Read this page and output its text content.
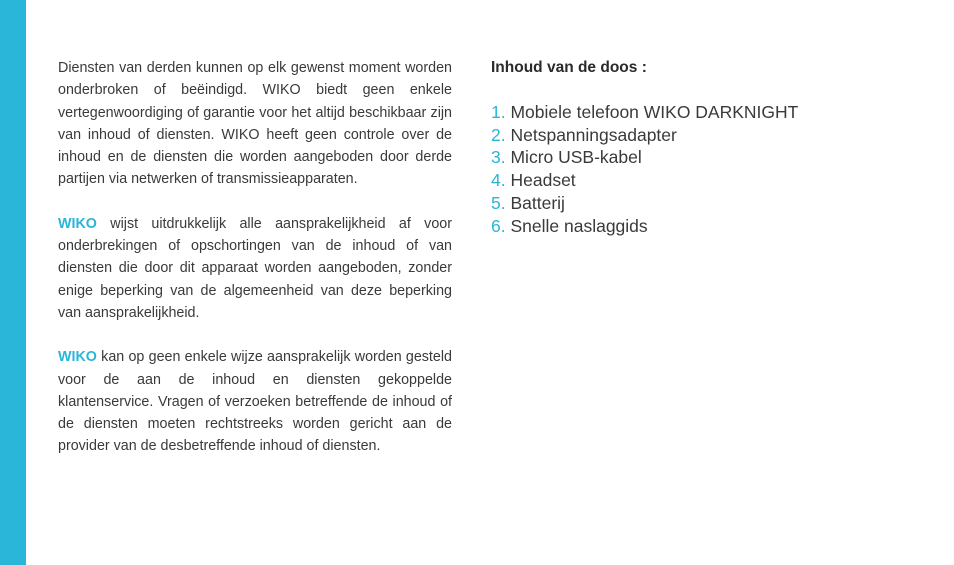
Diensten van derden kunnen op elk gewenst moment worden onderbroken of beëindigd. WIKO biedt geen enkele vertegenwoordiging of garantie voor het altijd beschikbaar zijn van inhoud of diensten. WIKO heeft geen controle over de inhoud en de diensten die worden aangeboden door derde partijen via netwerken of transmissieapparaten.

WIKO wijst uitdrukkelijk alle aansprakelijkheid af voor onderbrekingen of opschortingen van de inhoud of van diensten die door dit apparaat worden aangeboden, zonder enige beperking van de algemeenheid van deze beperking van aansprakelijkheid.

WIKO kan op geen enkele wijze aansprakelijk worden gesteld voor de aan de inhoud en diensten gekoppelde klantenservice. Vragen of verzoeken betreffende de inhoud of de diensten moeten rechtstreeks worden gericht aan de provider van de desbetreffende inhoud of diensten.

Inhoud van de doos :
1. Mobiele telefoon WIKO DARKNIGHT
2. Netspanningsadapter
3. Micro USB-kabel
4. Headset
5. Batterij
6. Snelle naslaggids
